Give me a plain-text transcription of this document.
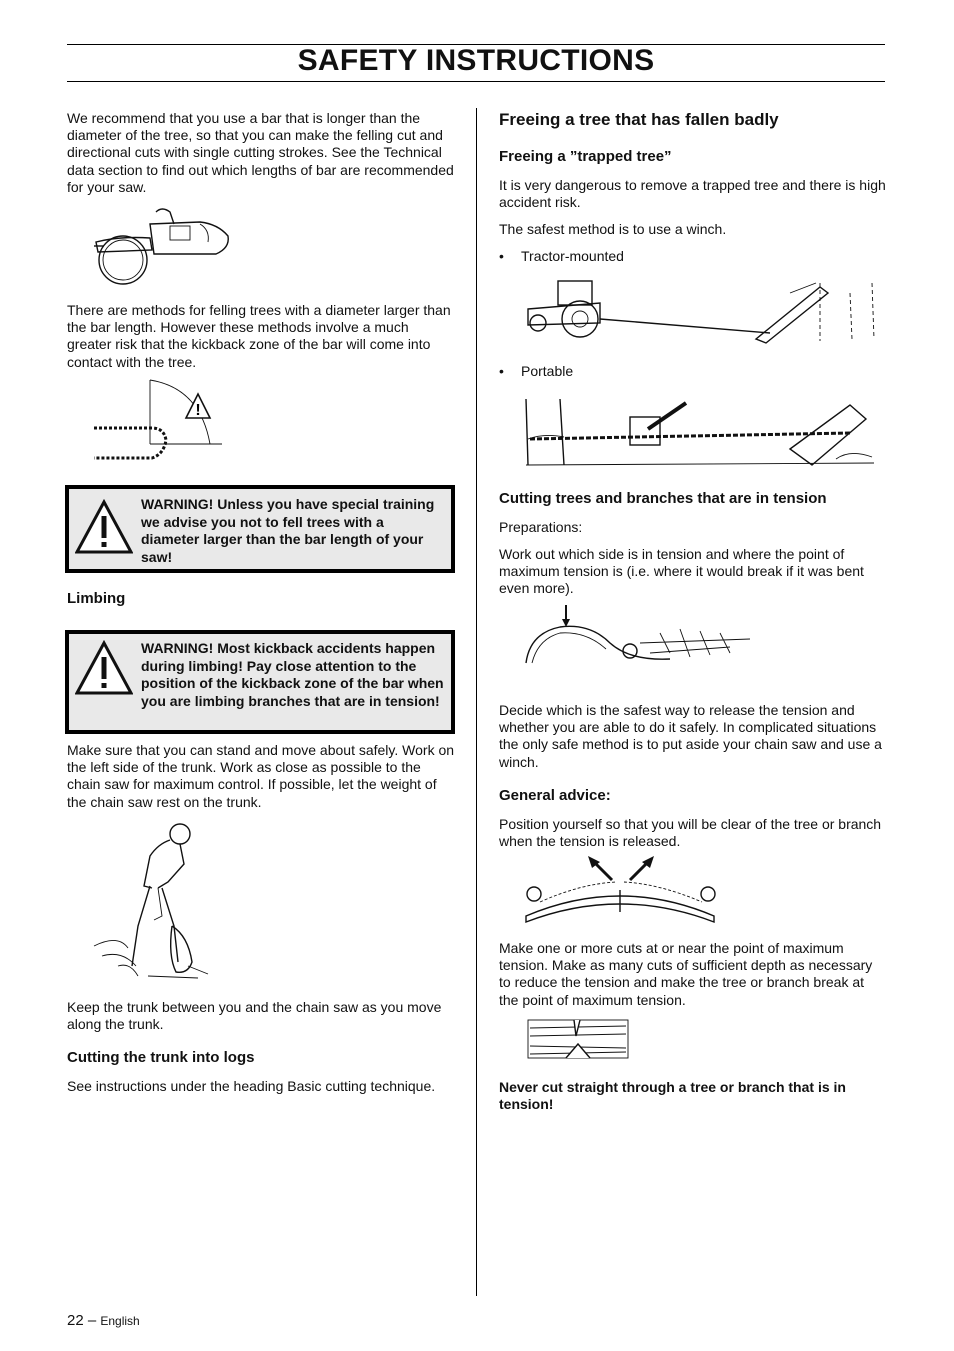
SAFETY INSTRUCTIONS

We recommend that you use a bar that is longer than the diameter of the tree, so that you can make the felling cut and directional cuts with single cutting strokes. See the Technical data section to find out which lengths of bar are recommended for your saw.

There are methods for felling trees with a diameter larger than the bar length. However these methods involve a much greater risk that the kickback zone of the bar will come into contact with the tree.

!
WARNING! Unless you have special training we advise you not to fell trees with a diameter larger than the bar length of your saw!
Limbing
WARNING! Most kickback accidents happen during limbing! Pay close attention to the position of the kickback zone of the bar when you are limbing branches that are in tension!

Make sure that you can stand and move about safely. Work on the left side of the trunk. Work as close as possible to the chain saw for maximum control. If possible, let the weight of the chain saw rest on the trunk.

Keep the trunk between you and the chain saw as you move along the trunk.

Cutting the trunk into logs

See instructions under the heading Basic cutting technique.

Freeing a tree that has fallen badly
Freeing a ”trapped tree”

It is very dangerous to remove a trapped tree and there is high accident risk.

The safest method is to use a winch.

• Tractor-mounted
• Portable
Cutting trees and branches that are in tension

Preparations:

Work out which side is in tension and where the point of maximum tension is (i.e. where it would break if it was bent even more).

Decide which is the safest way to release the tension and whether you are able to do it safely. In complicated situations the only safe method is to put aside your chain saw and use a winch.

General advice:

Position yourself so that you will be clear of the tree or branch when the tension is released.

Make one or more cuts at or near the point of maximum tension. Make as many cuts of sufficient depth as necessary to reduce the tension and make the tree or branch break at the point of maximum tension.

Never cut straight through a tree or branch that is in tension!

22 – English
